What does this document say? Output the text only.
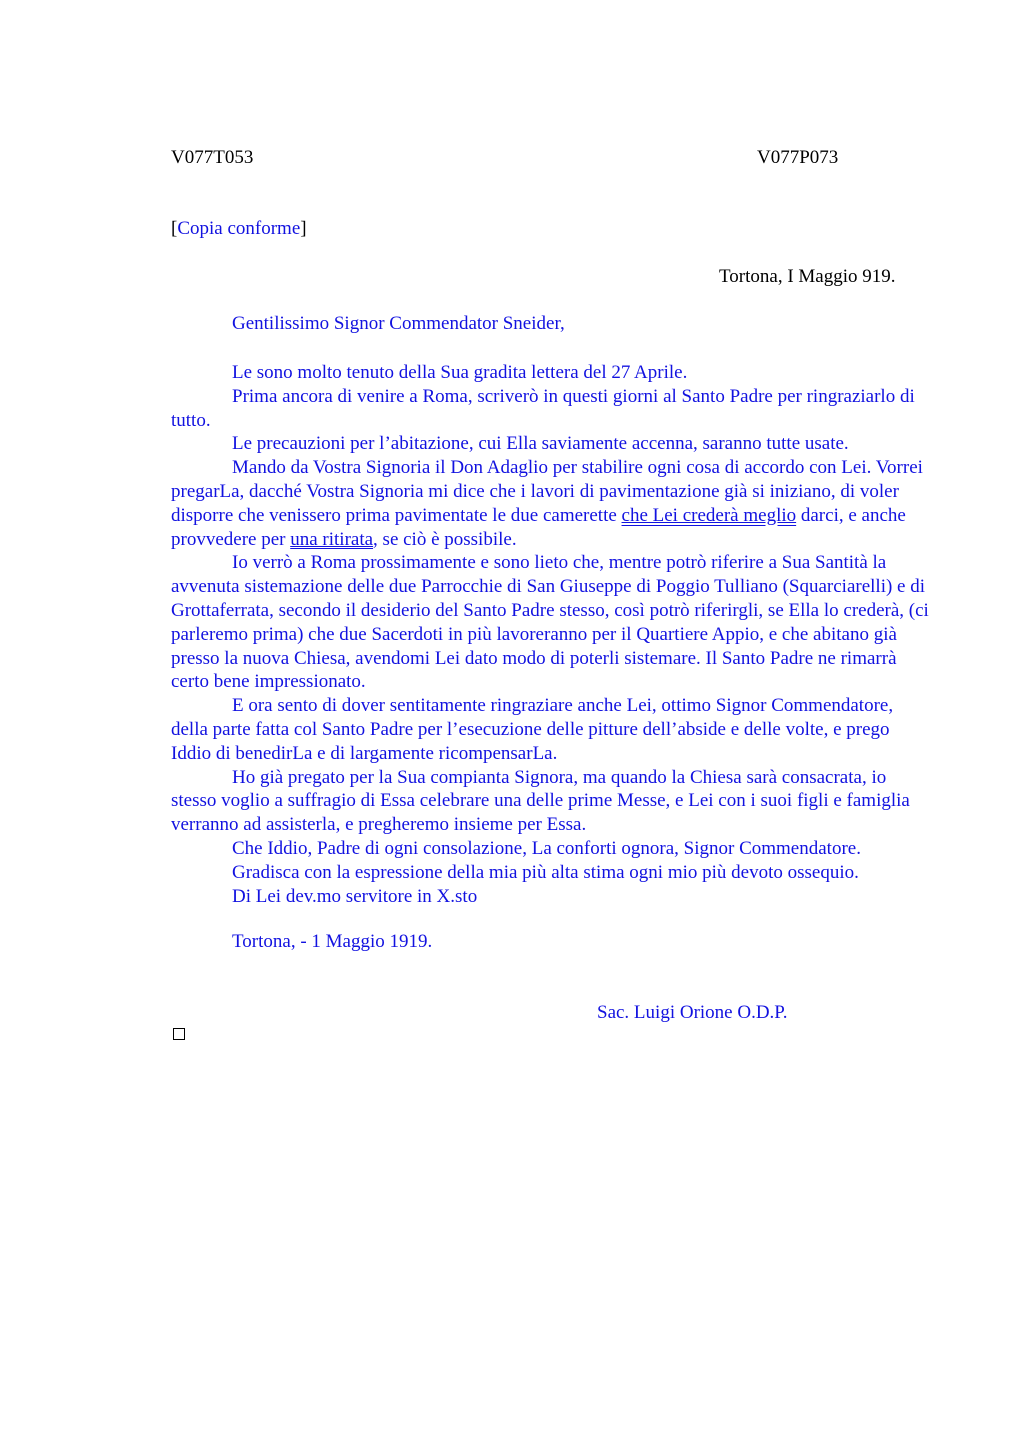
V077T053	V077P073
[Copia conforme]
Tortona, I Maggio 919.
Gentilissimo Signor Commendator Sneider,

Le sono molto tenuto della Sua gradita lettera del 27 Aprile.

Prima ancora di venire a Roma, scriverò in questi giorni al Santo Padre per ringraziarlo di tutto.

Le precauzioni per l’abitazione, cui Ella saviamente accenna, saranno tutte usate.

Mando da Vostra Signoria il Don Adaglio per stabilire ogni cosa di accordo con Lei. Vorrei pregarLa, dacché Vostra Signoria mi dice che i lavori di pavimentazione già si iniziano, di voler disporre che venissero prima pavimentate le due camerette che Lei crederà meglio darci, e anche provvedere per una ritirata, se ciò è possibile.

Io verrò a Roma prossimamente e sono lieto che, mentre potrò riferire a Sua Santità la avvenuta sistemazione delle due Parrocchie di San Giuseppe di Poggio Tulliano (Squarciarelli) e di Grottaferrata, secondo il desiderio del Santo Padre stesso, così potrò riferirgli, se Ella lo crederà, (ci parleremo prima) che due Sacerdoti in più lavoreranno per il Quartiere Appio, e che abitano già presso la nuova Chiesa, avendomi Lei dato modo di poterli sistemare. Il Santo Padre ne rimarrà certo bene impressionato.

E ora sento di dover sentitamente ringraziare anche Lei, ottimo Signor Commendatore, della parte fatta col Santo Padre per l’esecuzione delle pitture dell’abside e delle volte, e prego Iddio di benedirLa e di largamente ricompensarLa.

Ho già pregato per la Sua compianta Signora, ma quando la Chiesa sarà consacrata, io stesso voglio a suffragio di Essa celebrare una delle prime Messe, e Lei con i suoi figli e famiglia verranno ad assisterla, e pregheremo insieme per Essa.

Che Iddio, Padre di ogni consolazione, La conforti ognora, Signor Commendatore.

Gradisca con la espressione della mia più alta stima ogni mio più devoto ossequio.

Di Lei dev.mo servitore in X.sto

Tortona, - 1 Maggio 1919.
Sac. Luigi Orione O.D.P.
